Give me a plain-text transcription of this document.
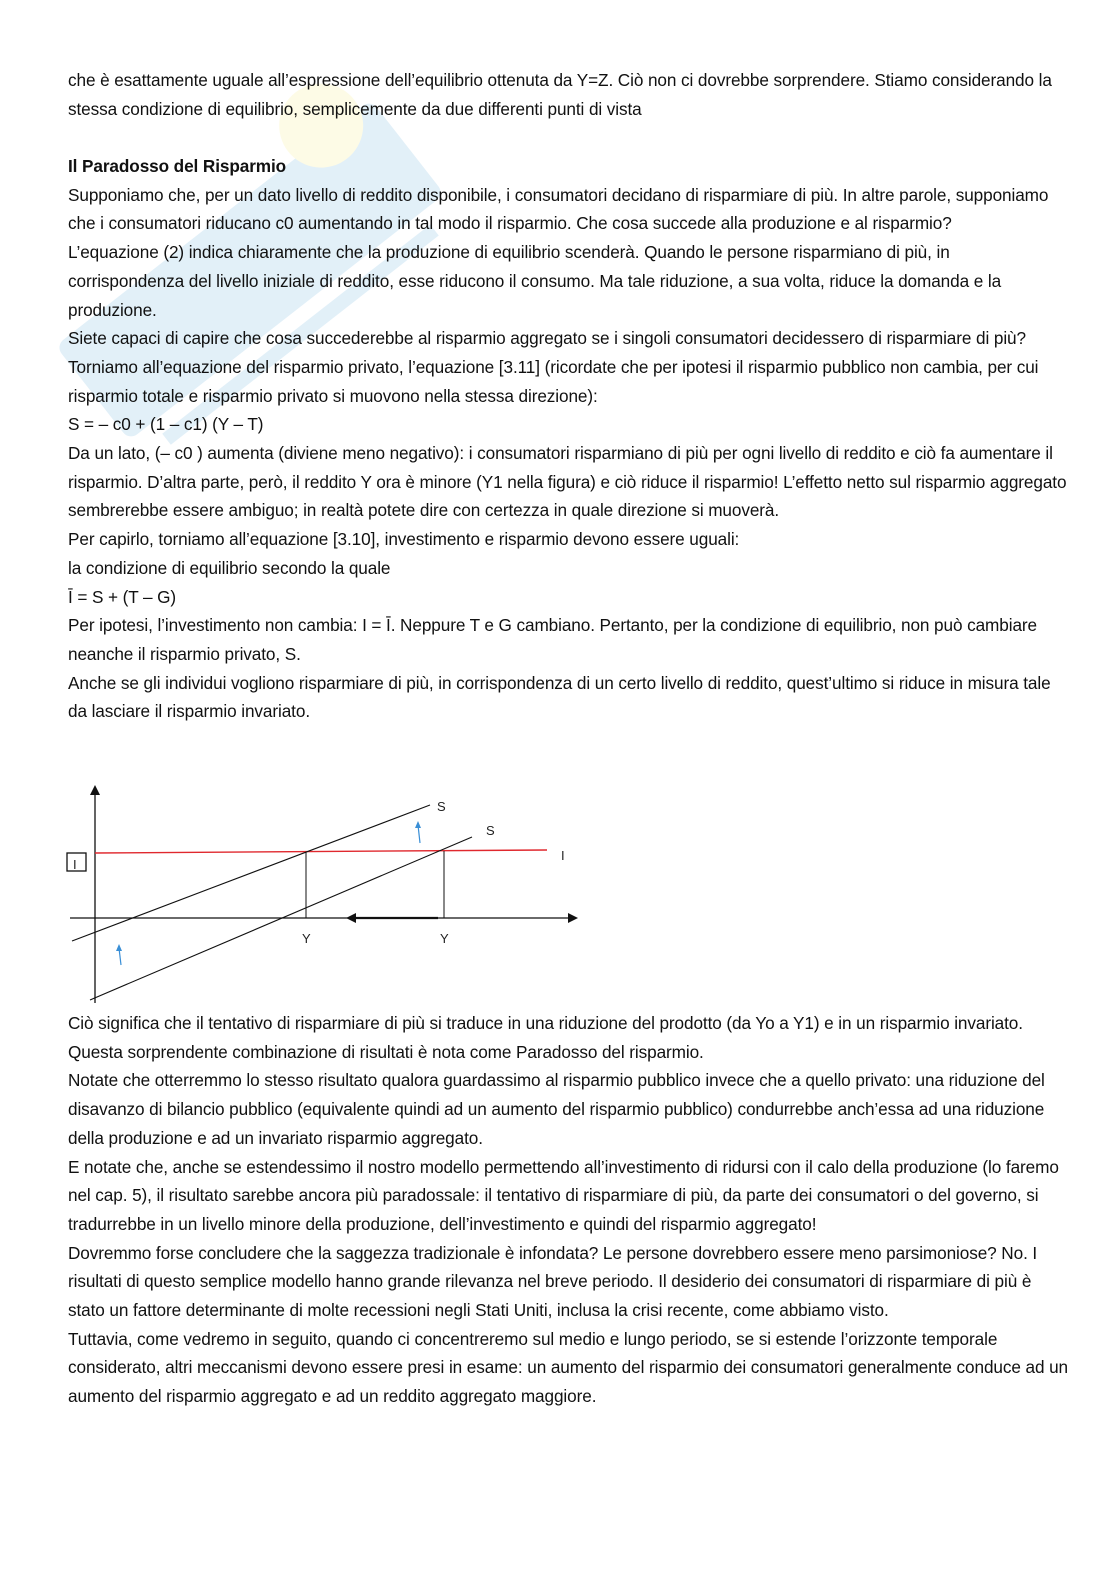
che è esattamente uguale all’espressione dell’equilibrio ottenuta da Y=Z. Ciò non ci dovrebbe sorprendere. Stiamo considerando la stessa condizione di equilibrio, semplicemente da due differenti punti di vista

Il Paradosso del Risparmio

Supponiamo che, per un dato livello di reddito disponibile, i consumatori decidano di risparmiare di più. In altre parole, supponiamo che i consumatori riducano c0 aumentando in tal modo il risparmio. Che cosa succede alla produzione e al risparmio?

L’equazione (2) indica chiaramente che la produzione di equilibrio scenderà. Quando le persone risparmiano di più, in corrispondenza del livello iniziale di reddito, esse riducono il consumo. Ma tale riduzione, a sua volta, riduce la domanda e la produzione.

Siete capaci di capire che cosa succederebbe al risparmio aggregato se i singoli consumatori decidessero di risparmiare di più? Torniamo all’equazione del risparmio privato, l’equazione [3.11] (ricordate che per ipotesi il risparmio pubblico non cambia, per cui risparmio totale e risparmio privato si muovono nella stessa direzione):

S = – c0 + (1 – c1) (Y – T)

Da un lato, (– c0 ) aumenta (diviene meno negativo): i consumatori risparmiano di più per ogni livello di reddito e ciò fa aumentare il risparmio. D’altra parte, però, il reddito Y ora è minore (Y1 nella figura) e ciò riduce il risparmio! L’effetto netto sul risparmio aggregato sembrerebbe essere ambiguo; in realtà potete dire con certezza in quale direzione si muoverà.

Per capirlo, torniamo all’equazione [3.10], investimento e risparmio devono essere uguali:

la condizione di equilibrio secondo la quale

Ī = S + (T – G)

Per ipotesi, l’investimento non cambia: I = Ī. Neppure T e G cambiano. Pertanto, per la condizione di equilibrio, non può cambiare neanche il risparmio privato, S.

Anche se gli individui vogliono risparmiare di più, in corrispondenza di un certo livello di reddito, quest’ultimo si riduce in misura tale da lasciare il risparmio invariato.

S
S
I
I
Y	Y

Ciò significa che il tentativo di risparmiare di più si traduce in una riduzione del prodotto (da Yo a Y1) e in un risparmio invariato. Questa sorprendente combinazione di risultati è nota come Paradosso del risparmio.

Notate che otterremmo lo stesso risultato qualora guardassimo al risparmio pubblico invece che a quello privato: una riduzione del disavanzo di bilancio pubblico (equivalente quindi ad un aumento del risparmio pubblico) condurrebbe anch’essa ad una riduzione della produzione e ad un invariato risparmio aggregato.

E notate che, anche se estendessimo il nostro modello permettendo all’investimento di ridursi con il calo della produzione (lo faremo nel cap. 5), il risultato sarebbe ancora più paradossale: il tentativo di risparmiare di più, da parte dei consumatori o del governo, si tradurrebbe in un livello minore della produzione, dell’investimento e quindi del risparmio aggregato!

Dovremmo forse concludere che la saggezza tradizionale è infondata? Le persone dovrebbero essere meno parsimoniose? No. I risultati di questo semplice modello hanno grande rilevanza nel breve periodo. Il desiderio dei consumatori di risparmiare di più è stato un fattore determinante di molte recessioni negli Stati Uniti, inclusa la crisi recente, come abbiamo visto.

Tuttavia, come vedremo in seguito, quando ci concentreremo sul medio e lungo periodo, se si estende l’orizzonte temporale considerato, altri meccanismi devono essere presi in esame: un aumento del risparmio dei consumatori generalmente conduce ad un aumento del risparmio aggregato e ad un reddito aggregato maggiore.
